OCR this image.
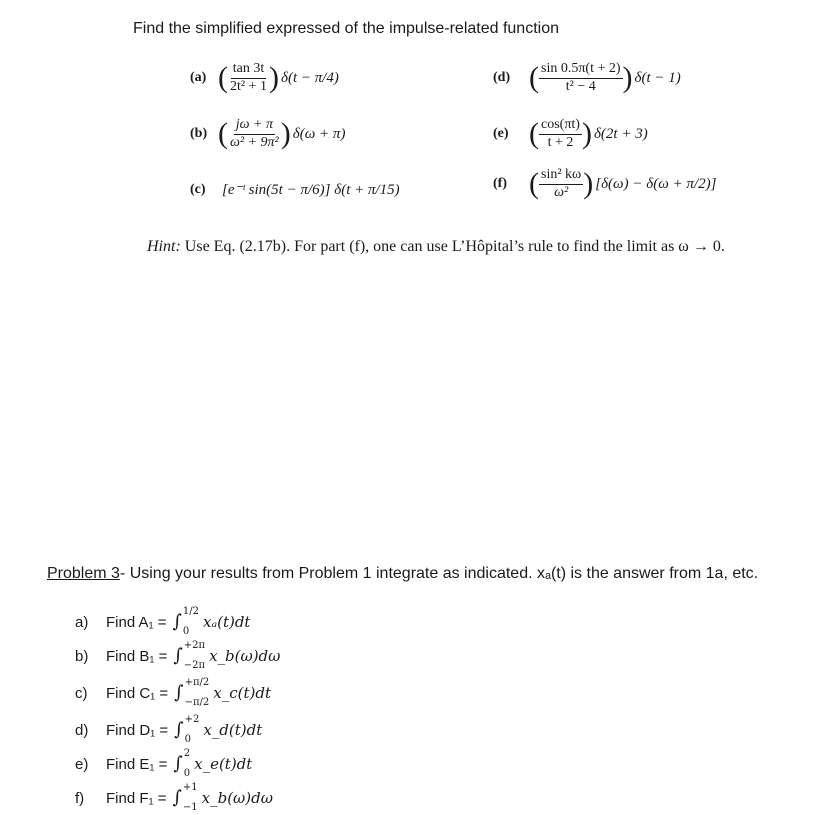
Find the simplified expressed of the impulse-related function
(a) ( $\frac{\tan 3t}{\text{2t² + 1}}$ ) δ(t − π/4)
(b) ( $\frac{j\omega + \pi}{\text{ω² + 9π²}}$ ) δ(ω + π)
(c)	[e⁻ᵗ sin(5t − π/6)] δ(t + π/15)
(d) ( $\frac{\sin 0.5\pi(t + 2)}{\text{t² − 4}}$ ) δ(t − 1)
(e) ( $\frac{\cos(\pi t)}{t + 2}$ ) δ(2t + 3)
(f) ( $\frac{\text{sin² kω}}{\text{ω²}}$ ) [δ(ω) − δ(ω + π/2)]
Hint: Use Eq. (2.17b). For part (f), one can use L’Hôpital’s rule to find the limit as ω → 0.
Problem 3- Using your results from Problem 1 integrate as indicated. xₐ(t) is the answer from 1a, etc.
a)	Find A₁ = ∫ 1/2
0
xₐ(t)dt
b)	Find B₁ = ∫ +2π
−2π
x_b(ω)dω
c)	Find C₁ = ∫ +π/2
−π/2
x_c(t)dt
d)	Find D₁ = ∫ +2
0
x_d(t)dt
e)	Find E₁ = ∫ 2
0
x_e(t)dt
f)	Find F₁ = ∫ +1
−1
x_b(ω)dω
